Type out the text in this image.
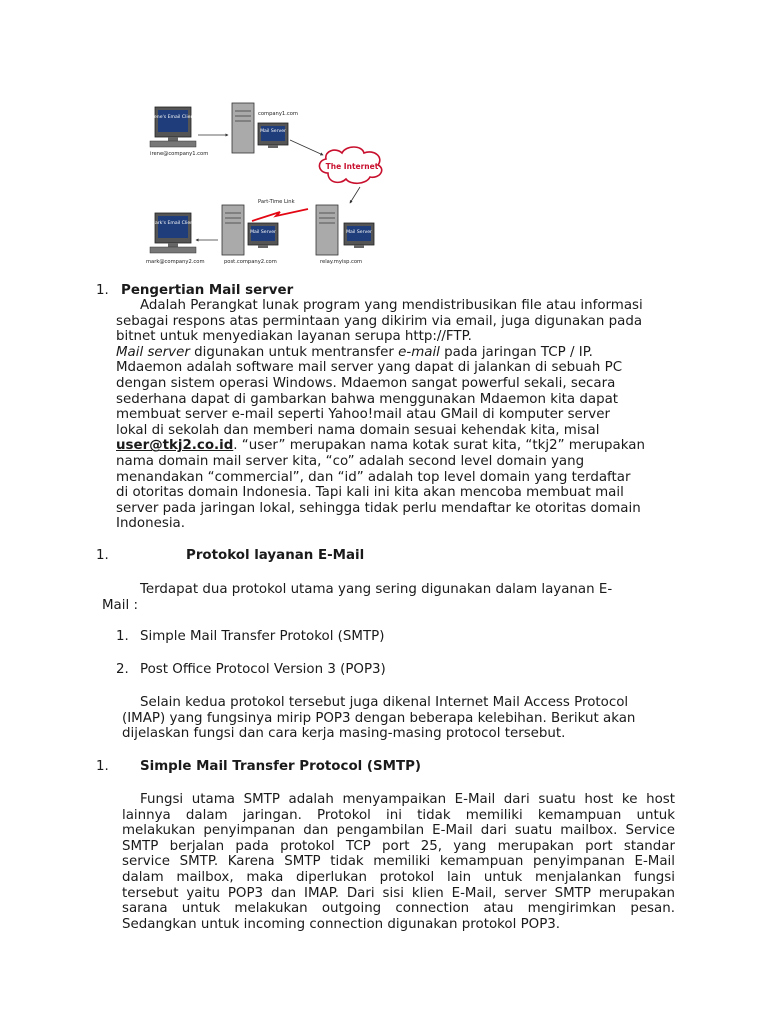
Irene's Email Client
irene@company1.com
company1.com
Mail Server
The Internet
Part-Time Link
Mark's Email Client
mark@company2.com
Mail Server
post.company2.com
Mail Server
relay.myisp.com
1. Pengertian Mail server
Adalah Perangkat lunak program yang mendistribusikan file atau informasi
sebagai respons atas permintaan yang dikirim via email, juga digunakan pada
bitnet untuk menyediakan layanan serupa http://FTP.
Mail server digunakan untuk mentransfer e-mail pada jaringan TCP / IP.
Mdaemon adalah software mail server yang dapat di jalankan di sebuah PC
dengan sistem operasi Windows. Mdaemon sangat powerful sekali, secara
sederhana dapat di gambarkan bahwa menggunakan Mdaemon kita dapat
membuat server e-mail seperti Yahoo!mail atau GMail di komputer server
lokal di sekolah dan memberi nama domain sesuai kehendak kita, misal
user@tkj2.co.id. “user” merupakan nama kotak surat kita, “tkj2” merupakan
nama domain mail server kita, “co” adalah second level domain yang
menandakan “commercial”, dan “id” adalah top level domain yang terdaftar
di otoritas domain Indonesia. Tapi kali ini kita akan mencoba membuat mail
server pada jaringan lokal, sehingga tidak perlu mendaftar ke otoritas domain
Indonesia.
1.	Protokol layanan E-Mail
Terdapat dua protokol utama yang sering digunakan dalam layanan E-
Mail :
1. Simple Mail Transfer Protokol (SMTP)
2. Post Office Protocol Version 3 (POP3)
Selain kedua protokol tersebut juga dikenal Internet Mail Access Protocol
(IMAP) yang fungsinya mirip POP3 dengan beberapa kelebihan. Berikut akan
dijelaskan fungsi dan cara kerja masing-masing protocol tersebut.
1. Simple Mail Transfer Protocol (SMTP)
Fungsi utama SMTP adalah menyampaikan E-Mail dari suatu host ke host
lainnya dalam jaringan. Protokol ini tidak memiliki kemampuan untuk
melakukan penyimpanan dan pengambilan E-Mail dari suatu mailbox. Service
SMTP berjalan pada protokol TCP port 25, yang merupakan port standar
service SMTP. Karena SMTP tidak memiliki kemampuan penyimpanan E-Mail
dalam mailbox, maka diperlukan protokol lain untuk menjalankan fungsi
tersebut yaitu POP3 dan IMAP. Dari sisi klien E-Mail, server SMTP merupakan
sarana untuk melakukan outgoing connection atau mengirimkan pesan.
Sedangkan untuk incoming connection digunakan protokol POP3.
